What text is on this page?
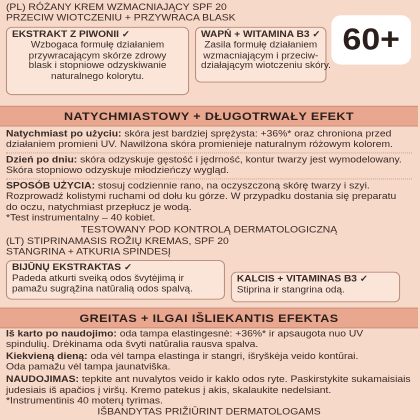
(PL) RÓŻANY KREM WZMACNIAJĄCY SPF 20
PRZECIW WIOTCZENIU + PRZYWRACA BLASK
EKSTRAKT Z PIWONII ✓
Wzbogaca formułę działaniem
przywracającym skórze zdrowy
blask i stopniowe odzyskiwanie
naturalnego kolorytu.
WAPŃ + WITAMINA B3 ✓
Zasila formułę działaniem
wzmacniającym i przeciw-
działającym wiotczeniu skóry.
60+
NATYCHMIASTOWY + DŁUGOTRWAŁY EFEKT
Natychmiast po użyciu: skóra jest bardziej sprężysta: +36%* oraz chroniona przed
działaniem promieni UV. Nawilżona skóra promienieje naturalnym różowym kolorem.
Dzień po dniu: skóra odzyskuje gęstość i jędrność, kontur twarzy jest wymodelowany.
Skóra stopniowo odzyskuje młodzieńczy wygląd.
SPOSÓB UŻYCIA: stosuj codziennie rano, na oczyszczoną skórę twarzy i szyi.
Rozprowadź kolistymi ruchami od dołu ku górze. W przypadku dostania się preparatu
do oczu, natychmiast przepłucz je wodą.
*Test instrumentalny – 40 kobiet.
TESTOWANY POD KONTROLĄ DERMATOLOGICZNĄ
(LT) STIPRINAMASIS ROŽIŲ KREMAS, SPF 20
STANGRINA + ATKURIA SPINDESĮ
BIJŪNŲ EKSTRAKTAS ✓
Padeda atkurti sveiką odos švytėjimą ir
pamažu sugrąžina natūralią odos spalvą.
KALCIS + VITAMINAS B3 ✓
Stiprina ir stangrina odą.
GREITAS + ILGAI IŠLIEKANTIS EFEKTAS
Iš karto po naudojimo: oda tampa elastingesnė: +36%* ir apsaugota nuo UV
spindulių. Drėkinama oda švyti natūralia rausva spalva.
Kiekvieną dieną: oda vėl tampa elastinga ir stangri, išryškėja veido kontūrai.
Oda pamažu vėl tampa jaunatviška.
NAUDOJIMAS: tepkite ant nuvalytos veido ir kaklo odos ryte. Paskirstykite sukamaisiais
judesiais iš apačios į viršų. Kremo patekus į akis, skalaukite nedelsiant.
*Instrumentinis 40 moterų tyrimas.
IŠBANDYTAS PRIŽIŪRINT DERMATOLOGAMS
